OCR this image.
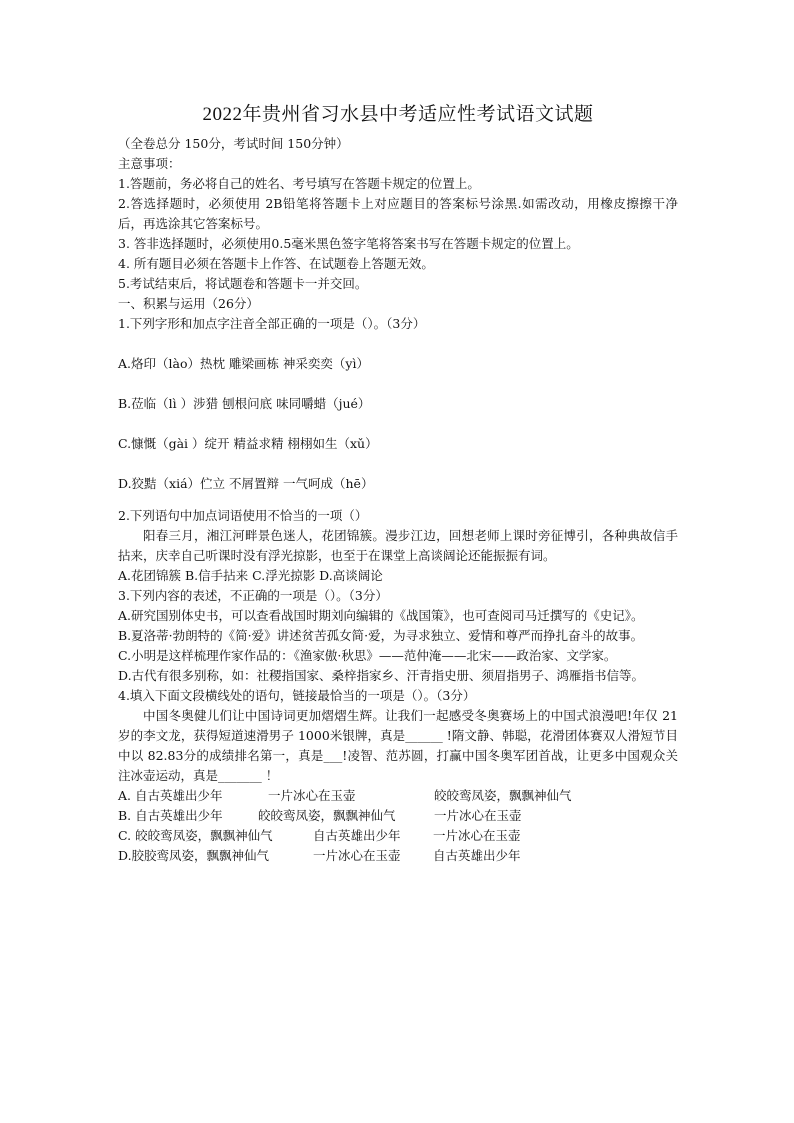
2022年贵州省习水县中考适应性考试语文试题
（全卷总分 150分，考试时间 150分钟）
主意事项：
1.答题前，务必将自己的姓名、考号填写在答题卡规定的位置上。
2.答选择题时，必须使用 2B铅笔将答题卡上对应题目的答案标号涂黑.如需改动，用橡皮擦擦干净后，再选涂其它答案标号。
3. 答非选择题时，必须使用0.5毫米黑色签字笔将答案书写在答题卡规定的位置上。
4. 所有题目必须在答题卡上作答、在试题卷上答题无效。
5.考试结束后，将试题卷和答题卡一并交回。
一、积累与运用（26分）
1.下列字形和加点字注音全部正确的一项是（）。（3分）
A.烙印（lào）热枕 雕梁画栋 神采奕奕（yì）
B.莅临（lì ）涉猎 刨根问底 味同嚼蜡（jué）
C.慷慨（gài ）绽开 精益求精 栩栩如生（xǔ）
D.狡黠（xiá）伫立 不屑置辩 一气呵成（hē）
2.下列语句中加点词语使用不恰当的一项（）
阳春三月，湘江河畔景色迷人，花团锦簇。漫步江边，回想老师上课时旁征博引，各种典故信手拈来，庆幸自己听课时没有浮光掠影，也至于在课堂上高谈阔论还能振振有词。
A.花团锦簇 B.信手拈来 C.浮光掠影 D.高谈阔论
3.下列内容的表述，不正确的一项是（）。（3分）
A.研究国别体史书，可以查看战国时期刘向编辑的《战国策》，也可查阅司马迁撰写的《史记》。
B.夏洛蒂·勃朗特的《简·爱》讲述贫苦孤女简·爱，为寻求独立、爱情和尊严而挣扎奋斗的故事。
C.小明是这样梳理作家作品的：《渔家傲·秋思》——范仲淹——北宋——政治家、文学家。
D.古代有很多别称，如：社稷指国家、桑梓指家乡、汗青指史册、须眉指男子、鸿雁指书信等。
4.填入下面文段横线处的语句，链接最恰当的一项是（）。（3分）
中国冬奥健儿们让中国诗词更加熠熠生辉。让我们一起感受冬奥赛场上的中国式浪漫吧!年仅 21岁的李文龙，获得短道速滑男子 1000米银牌，真是______ !隋文静、韩聪，花滑团体赛双人滑短节目中以 82.83分的成绩排名第一，真是___!凌智、范苏圆，打赢中国冬奥军团首战，让更多中国观众关注冰壶运动，真是_______ ！
A. 自古英雄出少年	一片冰心在玉壶	皎皎鸾凤姿，飘飘神仙气
B. 自古英雄出少年	皎皎鸾凤姿，飘飘神仙气	一片冰心在玉壶
C. 皎皎鸾凤姿，飘飘神仙气	自古英雄出少年	一片冰心在玉壶
D.胶胶鸾凤姿，飘飘神仙气	一片冰心在玉壶	自古英雄出少年
